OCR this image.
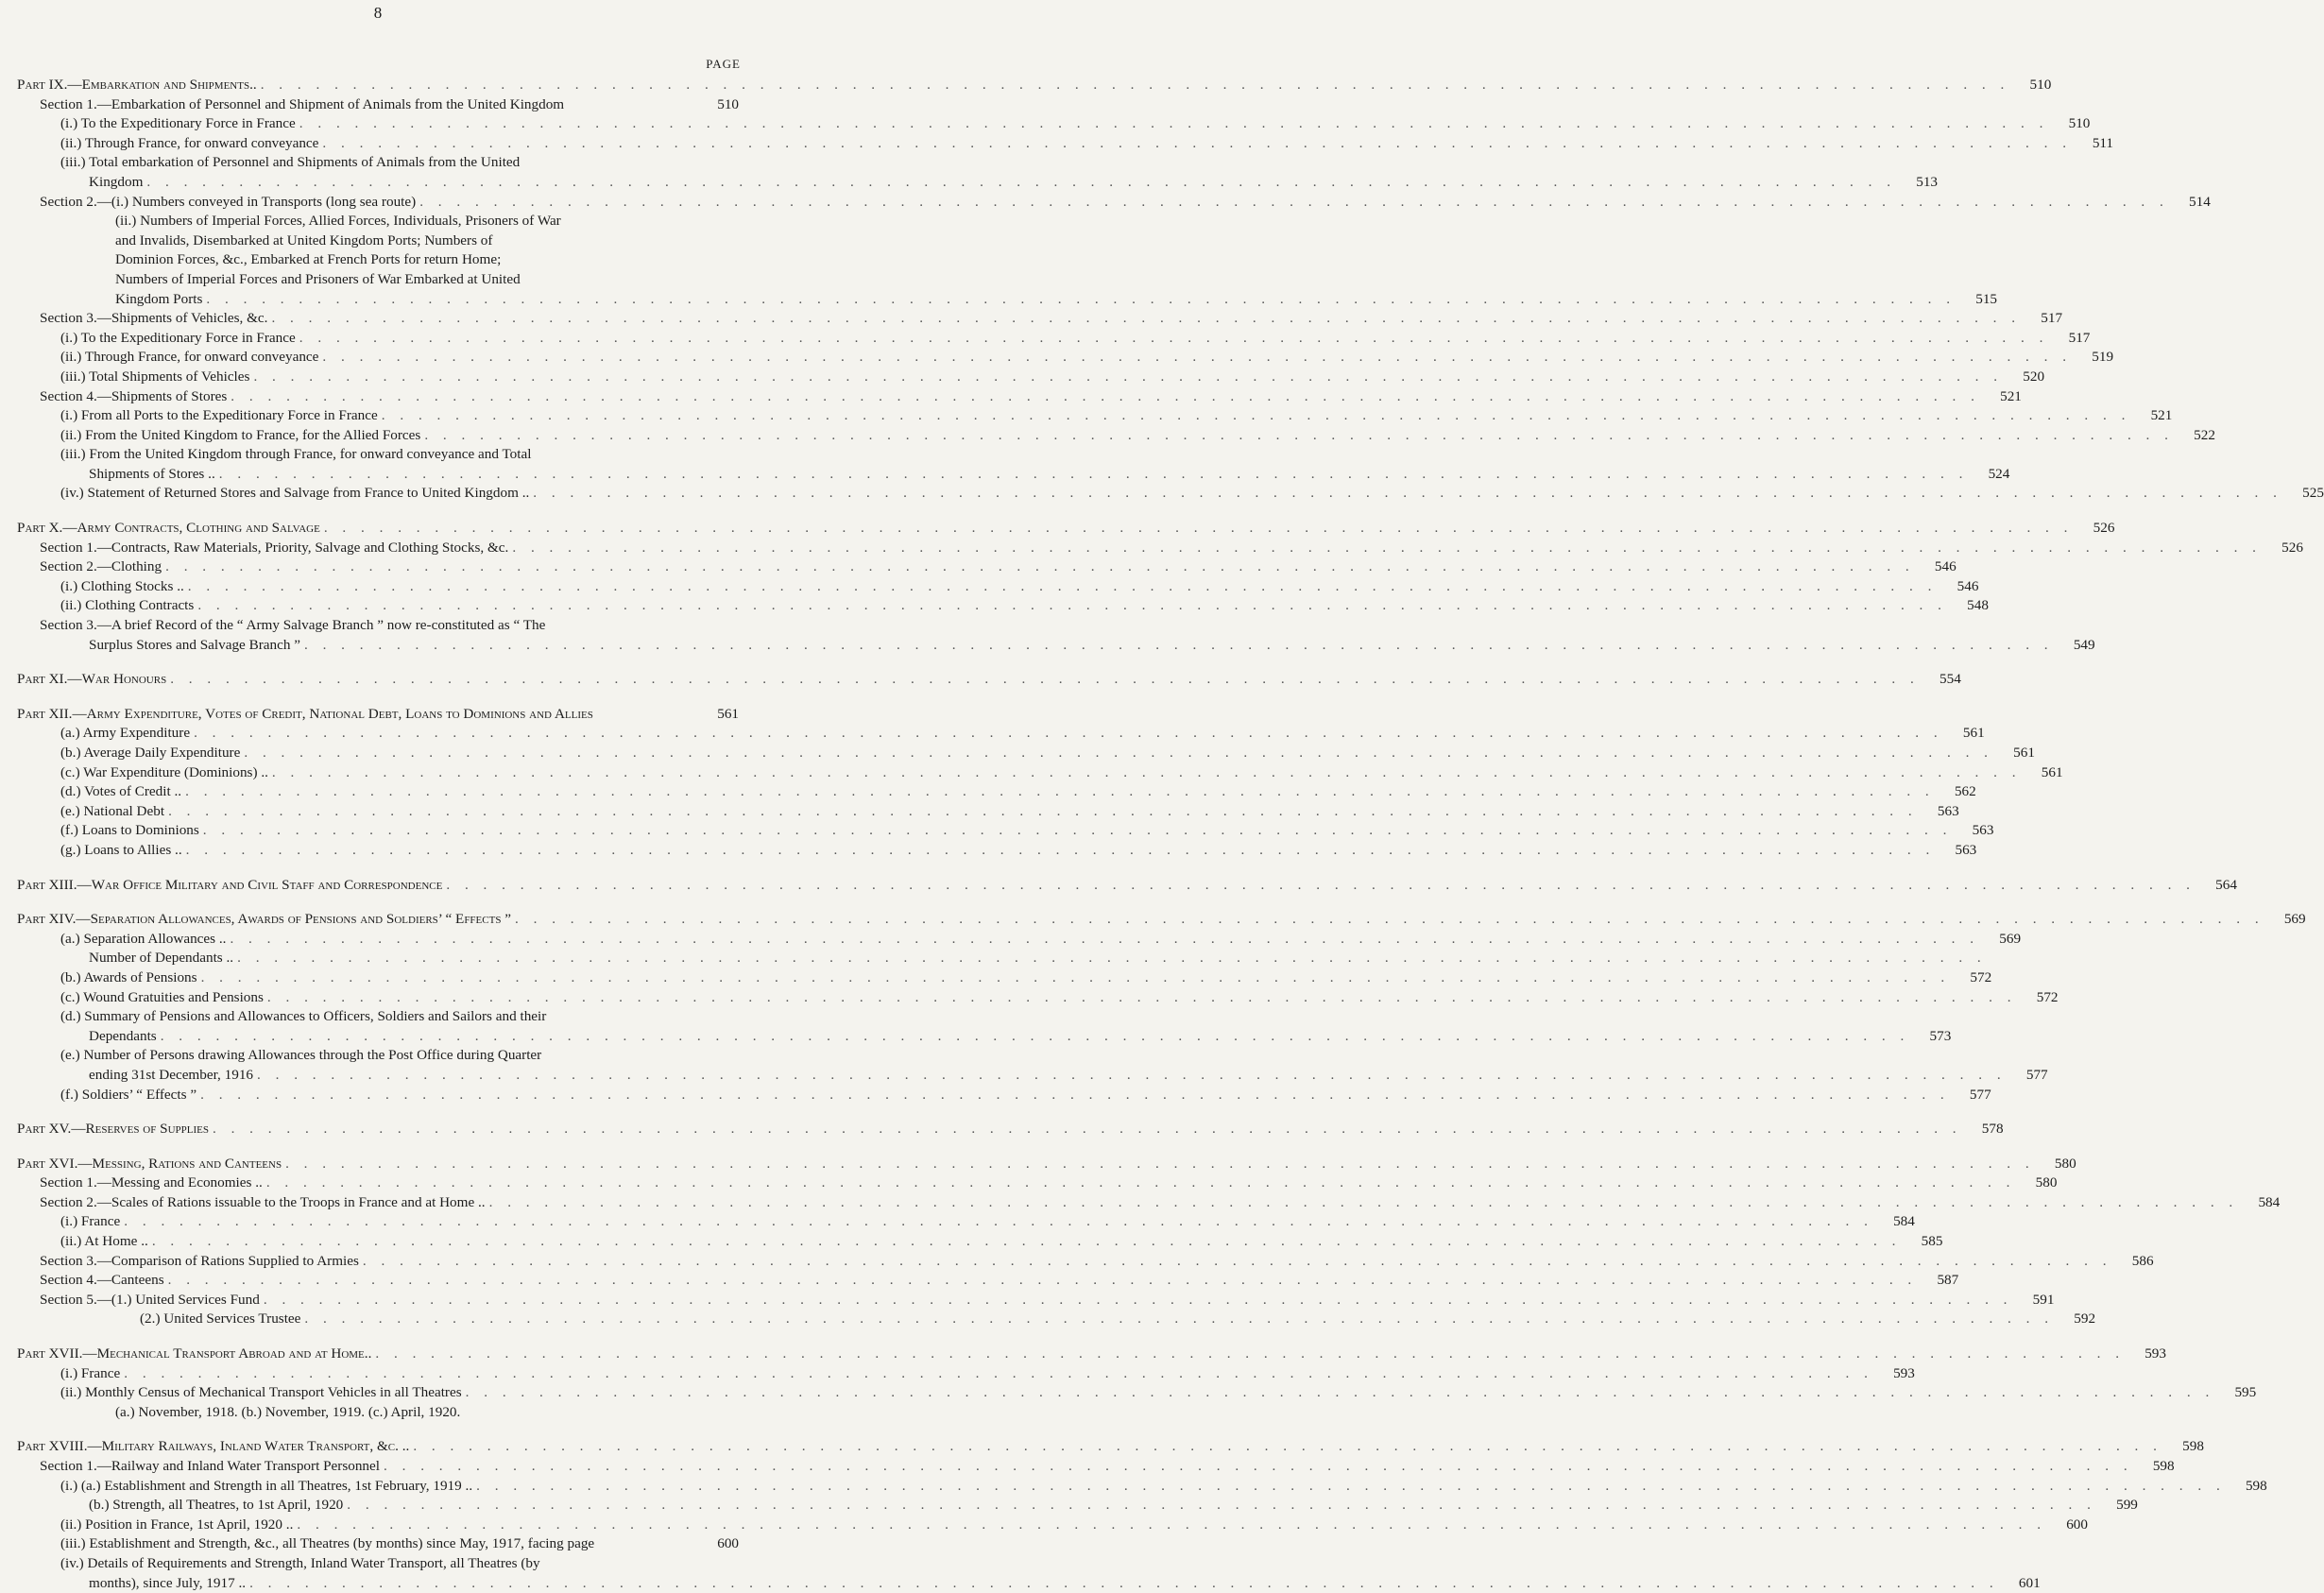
8
PAGE
Part IX.—Embarkation and Shipments.. . . .	510
Section 1.—Embarkation of Personnel and Shipment of Animals from the United Kingdom	510
(i.) To the Expeditionary Force in France . . .	510
(ii.) Through France, for onward conveyance . . .	511
(iii.) Total embarkation of Personnel and Shipments of Animals from the United
Kingdom . . .	513
Section 2.—(i.) Numbers conveyed in Transports (long sea route) . . .	514
(ii.) Numbers of Imperial Forces, Allied Forces, Individuals, Prisoners of War
and Invalids, Disembarked at United Kingdom Ports; Numbers of
Dominion Forces, &c., Embarked at French Ports for return Home;
Numbers of Imperial Forces and Prisoners of War Embarked at United
Kingdom Ports . . .	515
Section 3.—Shipments of Vehicles, &c. . . .	517
(i.) To the Expeditionary Force in France . . .	517
(ii.) Through France, for onward conveyance . . .	519
(iii.) Total Shipments of Vehicles . . .	520
Section 4.—Shipments of Stores . . .	521
(i.) From all Ports to the Expeditionary Force in France . . .	521
(ii.) From the United Kingdom to France, for the Allied Forces . . .	522
(iii.) From the United Kingdom through France, for onward conveyance and Total
Shipments of Stores .. . . .	524
(iv.) Statement of Returned Stores and Salvage from France to United Kingdom .. . . .	525
Part X.—Army Contracts, Clothing and Salvage . . .	526
Section 1.—Contracts, Raw Materials, Priority, Salvage and Clothing Stocks, &c. . . .	526
Section 2.—Clothing . . .	546
(i.) Clothing Stocks .. . . .	546
(ii.) Clothing Contracts . . .	548
Section 3.—A brief Record of the “ Army Salvage Branch ” now re-constituted as “ The
Surplus Stores and Salvage Branch ” . . .	549
Part XI.—War Honours . . .	554
Part XII.—Army Expenditure, Votes of Credit, National Debt, Loans to Dominions and Allies	561
(a.) Army Expenditure . . .	561
(b.) Average Daily Expenditure . . .	561
(c.) War Expenditure (Dominions) .. . . .	561
(d.) Votes of Credit .. . . .	562
(e.) National Debt . . .	563
(f.) Loans to Dominions . . .	563
(g.) Loans to Allies .. . . .	563
Part XIII.—War Office Military and Civil Staff and Correspondence . . .	564
Part XIV.—Separation Allowances, Awards of Pensions and Soldiers’ “ Effects ” . . .	569
(a.) Separation Allowances .. . . .	569
Number of Dependants ..
. . .
(b.) Awards of Pensions . . .	572
(c.) Wound Gratuities and Pensions . . .	572
(d.) Summary of Pensions and Allowances to Officers, Soldiers and Sailors and their
Dependants . . .	573
(e.) Number of Persons drawing Allowances through the Post Office during Quarter
ending 31st December, 1916 . . .	577
(f.) Soldiers’ “ Effects ” . . .	577
Part XV.—Reserves of Supplies . . .	578
Part XVI.—Messing, Rations and Canteens . . .	580
Section 1.—Messing and Economies .. . . .	580
Section 2.—Scales of Rations issuable to the Troops in France and at Home .. . . .	584
(i.) France . . .	584
(ii.) At Home .. . . .	585
Section 3.—Comparison of Rations Supplied to Armies . . .	586
Section 4.—Canteens . . .	587
Section 5.—(1.) United Services Fund . . .	591
(2.) United Services Trustee . . .	592
Part XVII.—Mechanical Transport Abroad and at Home.. . . .	593
(i.) France . . .	593
(ii.) Monthly Census of Mechanical Transport Vehicles in all Theatres . . .	595
(a.) November, 1918. (b.) November, 1919. (c.) April, 1920.
Part XVIII.—Military Railways, Inland Water Transport, &c. .. . . .	598
Section 1.—Railway and Inland Water Transport Personnel . . .	598
(i.) (a.) Establishment and Strength in all Theatres, 1st February, 1919 .. . . .	598
(b.) Strength, all Theatres, to 1st April, 1920 . . .	599
(ii.) Position in France, 1st April, 1920 .. . . .	600
(iii.) Establishment and Strength, &c., all Theatres (by months) since May, 1917, facing page	600
(iv.) Details of Requirements and Strength, Inland Water Transport, all Theatres (by
months), since July, 1917 .. . . .	601
